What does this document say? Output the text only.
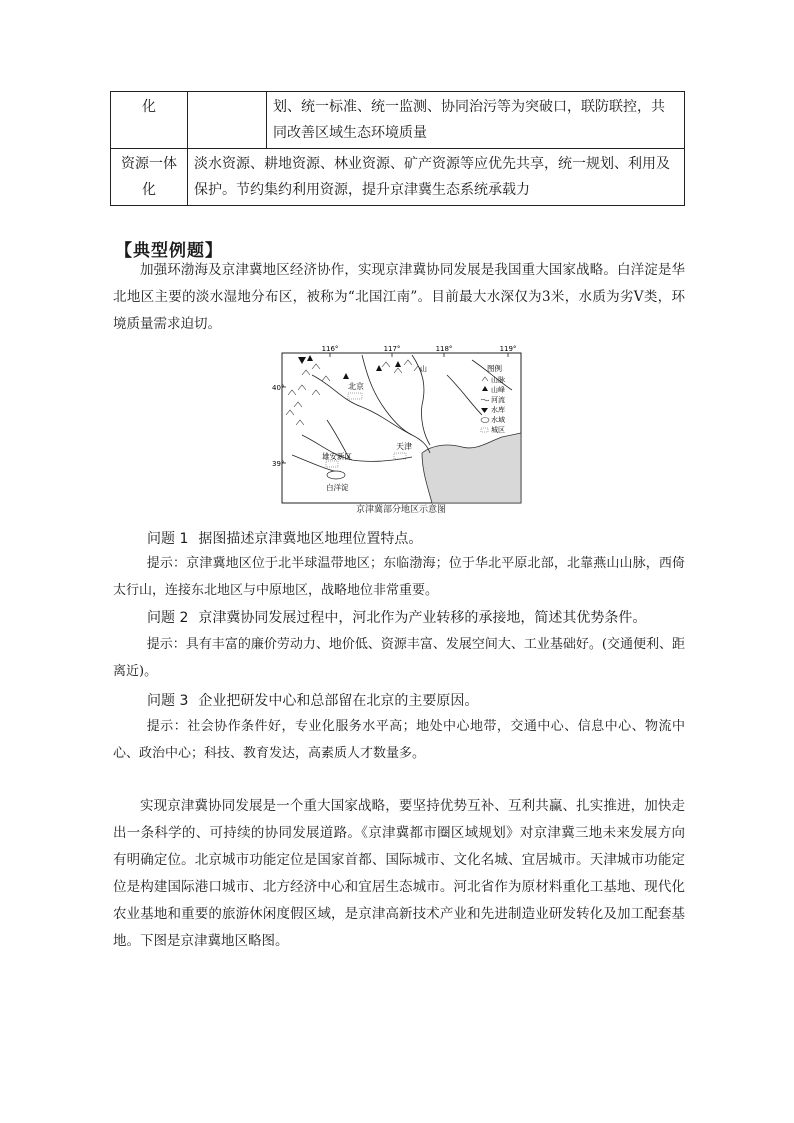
化		划、统一标准、统一监测、协同治污等为突破口，联防联控，共同改善区域生态环境质量
资源一体化	淡水资源、耕地资源、林业资源、矿产资源等应优先共享，统一规划、利用及保护。节约集约利用资源，提升京津冀生态系统承载力	
【典型例题】
加强环渤海及京津冀地区经济协作，实现京津冀协同发展是我国重大国家战略。白洋淀是华北地区主要的淡水湿地分布区，被称为“北国江南”。目前最大水深仅为3米，水质为劣Ⅴ类，环境质量需求迫切。
116°	117°	118°	119°
40°
39°
北京
天津
雄安新区
白洋淀
山	图例
山脉
山峰
河流
水库
水域
城区
京津冀部分地区示意图
问题 1 据图描述京津冀地区地理位置特点。
提示：京津冀地区位于北半球温带地区；东临渤海；位于华北平原北部，北靠燕山山脉，西倚太行山，连接东北地区与中原地区，战略地位非常重要。
问题 2 京津冀协同发展过程中，河北作为产业转移的承接地，简述其优势条件。
提示：具有丰富的廉价劳动力、地价低、资源丰富、发展空间大、工业基础好。(交通便利、距离近)。
问题 3 企业把研发中心和总部留在北京的主要原因。
提示：社会协作条件好，专业化服务水平高；地处中心地带，交通中心、信息中心、物流中心、政治中心；科技、教育发达，高素质人才数量多。
实现京津冀协同发展是一个重大国家战略，要坚持优势互补、互利共赢、扎实推进，加快走出一条科学的、可持续的协同发展道路。《京津冀都市圈区域规划》对京津冀三地未来发展方向有明确定位。北京城市功能定位是国家首都、国际城市、文化名城、宜居城市。天津城市功能定位是构建国际港口城市、北方经济中心和宜居生态城市。河北省作为原材料重化工基地、现代化农业基地和重要的旅游休闲度假区域，是京津高新技术产业和先进制造业研发转化及加工配套基地。下图是京津冀地区略图。
